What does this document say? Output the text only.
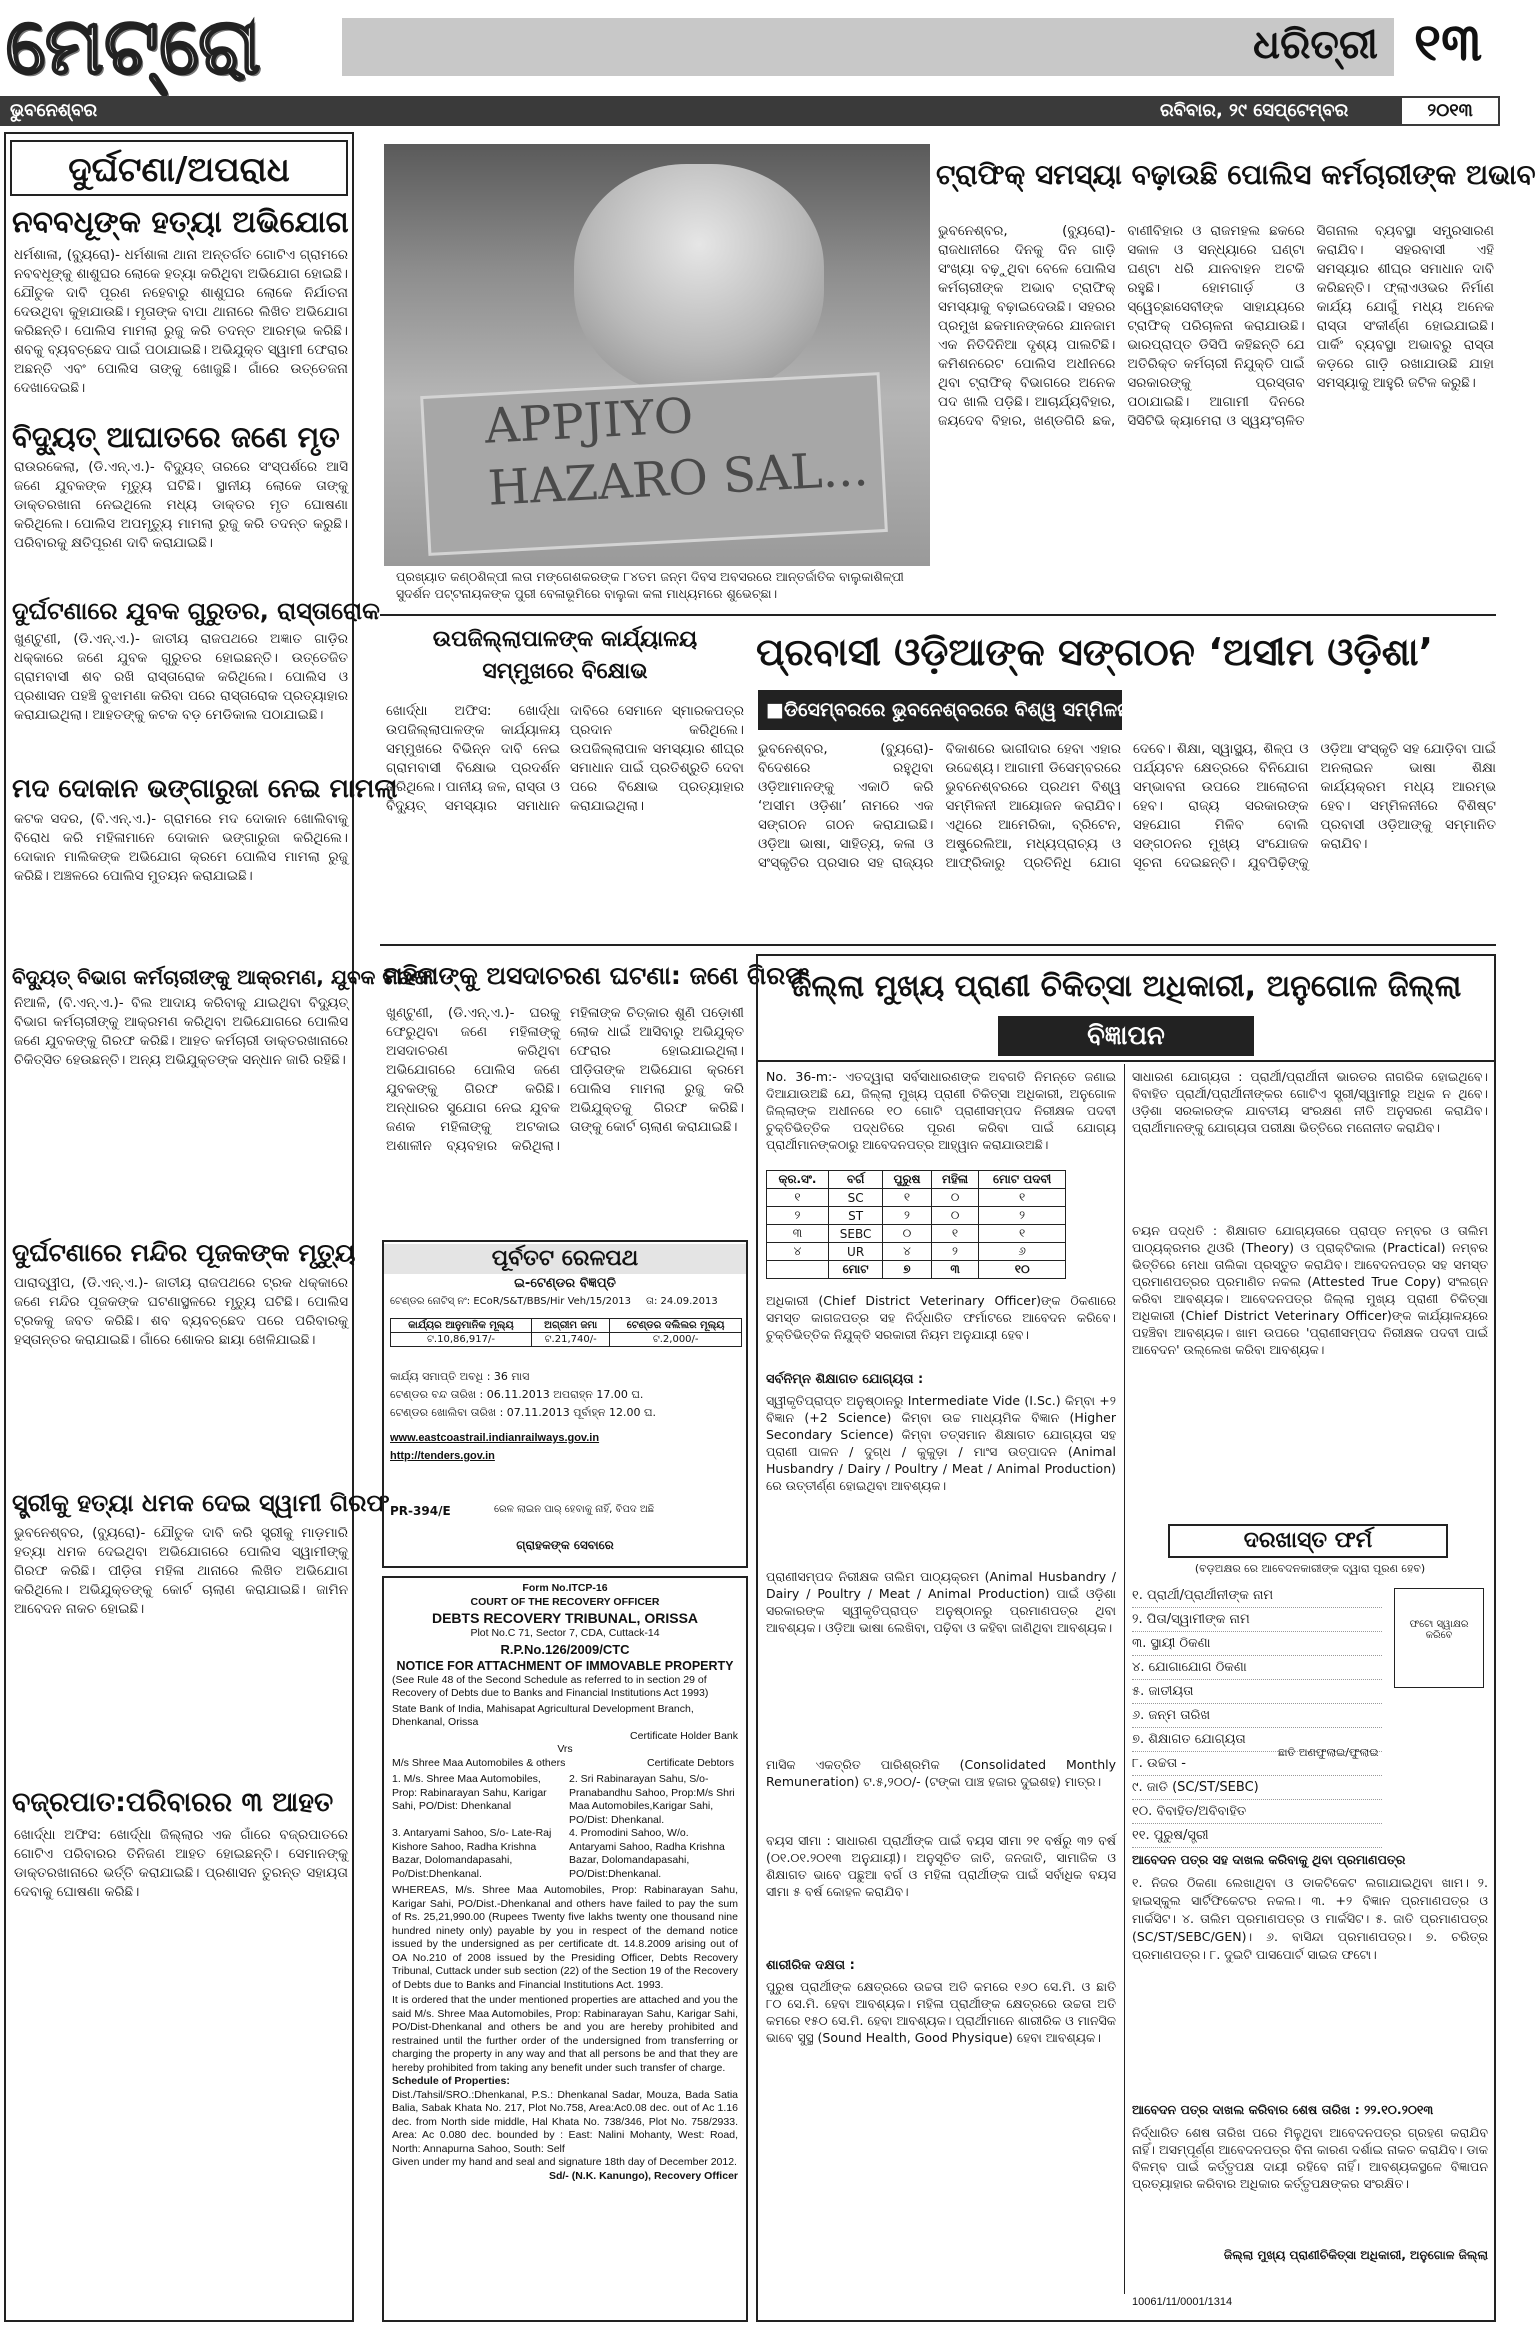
ମେଟ୍ରୋ	ଧରିତ୍ରୀ ୧୩
ଭୁବନେଶ୍ବର	ରବିବାର, ୨୯ ସେପ୍ଟେମ୍ବର	୨୦୧୩
ଦୁର୍ଘଟଣା/ଅପରାଧ
ନବବଧୂଙ୍କ ହତ୍ୟା ଅଭିଯୋଗ
ଧର୍ମଶାଳା, (ବ୍ୟୁରୋ)- ଧର୍ମଶାଳା ଥାନା ଅନ୍ତର୍ଗତ ଗୋଟିଏ ଗ୍ରାମରେ ନବବଧୂଙ୍କୁ ଶାଶୁଘର ଲୋକେ ହତ୍ୟା କରିଥିବା ଅଭିଯୋଗ ହୋଇଛି। ଯୌତୁକ ଦାବି ପୂରଣ ନହେବାରୁ ଶାଶୁଘର ଲୋକେ ନିର୍ଯାତନା ଦେଉଥିବା କୁହାଯାଉଛି। ମୃତାଙ୍କ ବାପା ଥାନାରେ ଲିଖିତ ଅଭିଯୋଗ କରିଛନ୍ତି। ପୋଲିସ ମାମଲା ରୁଜୁ କରି ତଦନ୍ତ ଆରମ୍ଭ କରିଛି। ଶବକୁ ବ୍ୟବଚ୍ଛେଦ ପାଇଁ ପଠାଯାଇଛି। ଅଭିଯୁକ୍ତ ସ୍ୱାମୀ ଫେରାର ଅଛନ୍ତି ଏବଂ ପୋଲିସ ତାଙ୍କୁ ଖୋଜୁଛି। ଗାଁରେ ଉତ୍ତେଜନା ଦେଖାଦେଇଛି।
ବିଦ୍ୟୁତ୍ ଆଘାତରେ ଜଣେ ମୃତ
ରାଉରକେଲା, (ଡି.ଏନ୍.ଏ.)- ବିଦ୍ୟୁତ୍ ତାରରେ ସଂସ୍ପର୍ଶରେ ଆସି ଜଣେ ଯୁବକଙ୍କ ମୃତ୍ୟୁ ଘଟିଛି। ସ୍ଥାନୀୟ ଲୋକେ ତାଙ୍କୁ ଡାକ୍ତରଖାନା ନେଇଥିଲେ ମଧ୍ୟ ଡାକ୍ତର ମୃତ ଘୋଷଣା କରିଥିଲେ। ପୋଲିସ ଅପମୃତ୍ୟୁ ମାମଲା ରୁଜୁ କରି ତଦନ୍ତ କରୁଛି। ପରିବାରକୁ କ୍ଷତିପୂରଣ ଦାବି କରାଯାଇଛି।
ଦୁର୍ଘଟଣାରେ ଯୁବକ ଗୁରୁତର, ରାସ୍ତାରୋକ
ଖୁଣ୍ଟୁଣୀ, (ଡି.ଏନ୍.ଏ.)- ଜାତୀୟ ରାଜପଥରେ ଅଜ୍ଞାତ ଗାଡ଼ିର ଧକ୍କାରେ ଜଣେ ଯୁବକ ଗୁରୁତର ହୋଇଛନ୍ତି। ଉତ୍ତେଜିତ ଗ୍ରାମବାସୀ ଶବ ରଖି ରାସ୍ତାରୋକ କରିଥିଲେ। ପୋଲିସ ଓ ପ୍ରଶାସନ ପହଞ୍ଚି ବୁଝାମଣା କରିବା ପରେ ରାସ୍ତାରୋକ ପ୍ରତ୍ୟାହାର କରାଯାଇଥିଲା। ଆହତଙ୍କୁ କଟକ ବଡ଼ ମେଡିକାଲ ପଠାଯାଇଛି।
ମଦ ଦୋକାନ ଭଙ୍ଗାରୁଜା ନେଇ ମାମଲା
କଟକ ସଦର, (ବି.ଏନ୍.ଏ.)- ଗ୍ରାମରେ ମଦ ଦୋକାନ ଖୋଲିବାକୁ ବିରୋଧ କରି ମହିଳାମାନେ ଦୋକାନ ଭଙ୍ଗାରୁଜା କରିଥିଲେ। ଦୋକାନ ମାଲିକଙ୍କ ଅଭିଯୋଗ କ୍ରମେ ପୋଲିସ ମାମଲା ରୁଜୁ କରିଛି। ଅଞ୍ଚଳରେ ପୋଲିସ ମୁତୟନ କରାଯାଇଛି।
ବିଦ୍ୟୁତ୍ ବିଭାଗ କର୍ମଚାରୀଙ୍କୁ ଆକ୍ରମଣ, ଯୁବକ ଗିରଫ
ନିଆଳି, (ବି.ଏନ୍.ଏ.)- ବିଲ ଆଦାୟ କରିବାକୁ ଯାଇଥିବା ବିଦ୍ୟୁତ୍ ବିଭାଗ କର୍ମଚାରୀଙ୍କୁ ଆକ୍ରମଣ କରିଥିବା ଅଭିଯୋଗରେ ପୋଲିସ ଜଣେ ଯୁବକଙ୍କୁ ଗିରଫ କରିଛି। ଆହତ କର୍ମଚାରୀ ଡାକ୍ତରଖାନାରେ ଚିକିତ୍ସିତ ହେଉଛନ୍ତି। ଅନ୍ୟ ଅଭିଯୁକ୍ତଙ୍କ ସନ୍ଧାନ ଜାରି ରହିଛି।
ଦୁର୍ଘଟଣାରେ ମନ୍ଦିର ପୂଜକଙ୍କ ମୃତ୍ୟୁ
ପାରାଦ୍ୱୀପ, (ଡି.ଏନ୍.ଏ.)- ଜାତୀୟ ରାଜପଥରେ ଟ୍ରକ ଧକ୍କାରେ ଜଣେ ମନ୍ଦିର ପୂଜକଙ୍କ ଘଟଣାସ୍ଥଳରେ ମୃତ୍ୟୁ ଘଟିଛି। ପୋଲିସ ଟ୍ରକକୁ ଜବତ କରିଛି। ଶବ ବ୍ୟବଚ୍ଛେଦ ପରେ ପରିବାରକୁ ହସ୍ତାନ୍ତର କରାଯାଇଛି। ଗାଁରେ ଶୋକର ଛାୟା ଖେଳିଯାଇଛି।
ସ୍ତ୍ରୀକୁ ହତ୍ୟା ଧମକ ଦେଇ ସ୍ୱାମୀ ଗିରଫ
ଭୁବନେଶ୍ବର, (ବ୍ୟୁରୋ)- ଯୌତୁକ ଦାବି କରି ସ୍ତ୍ରୀକୁ ମାଡ଼ମାରି ହତ୍ୟା ଧମକ ଦେଇଥିବା ଅଭିଯୋଗରେ ପୋଲିସ ସ୍ୱାମୀଙ୍କୁ ଗିରଫ କରିଛି। ପୀଡ଼ିତା ମହିଳା ଥାନାରେ ଲିଖିତ ଅଭିଯୋଗ କରିଥିଲେ। ଅଭିଯୁକ୍ତଙ୍କୁ କୋର୍ଟ ଚାଲାଣ କରାଯାଇଛି। ଜାମିନ ଆବେଦନ ନାକଚ ହୋଇଛି।
ବଜ୍ରପାତ:ପରିବାରର ୩ ଆହତ
ଖୋର୍ଦ୍ଧା ଅଫିସ: ଖୋର୍ଦ୍ଧା ଜିଲ୍ଲାର ଏକ ଗାଁରେ ବଜ୍ରପାତରେ ଗୋଟିଏ ପରିବାରର ତିନିଜଣ ଆହତ ହୋଇଛନ୍ତି। ସେମାନଙ୍କୁ ଡାକ୍ତରଖାନାରେ ଭର୍ତ୍ତି କରାଯାଇଛି। ପ୍ରଶାସନ ତୁରନ୍ତ ସହାୟତା ଦେବାକୁ ଘୋଷଣା କରିଛି।
APPJIYO
HAZARO SAL...
ପ୍ରଖ୍ୟାତ କଣ୍ଠଶିଳ୍ପୀ ଲତା ମଙ୍ଗେଶକରଙ୍କ ୮୪ତମ ଜନ୍ମ ଦିବସ ଅବସରରେ ଆନ୍ତର୍ଜାତିକ ବାଲୁକାଶିଳ୍ପୀ ସୁଦର୍ଶନ ପଟ୍ଟନାୟକଙ୍କ ପୁରୀ ବେଳାଭୂମିରେ ବାଲୁକା କଳା ମାଧ୍ୟମରେ ଶୁଭେଚ୍ଛା।
ଟ୍ରାଫିକ୍ ସମସ୍ୟା ବଢ଼ାଉଛି ପୋଲିସ କର୍ମଚାରୀଙ୍କ ଅଭାବ
ଭୁବନେଶ୍ବର, (ବ୍ୟୁରୋ)- ରାଜଧାନୀରେ ଦିନକୁ ଦିନ ଗାଡ଼ି ସଂଖ୍ୟା ବଢ଼ୁଥିବା ବେଳେ ପୋଲିସ କର୍ମଚାରୀଙ୍କ ଅଭାବ ଟ୍ରାଫିକ୍ ସମସ୍ୟାକୁ ବଢ଼ାଇଦେଉଛି। ସହରର ପ୍ରମୁଖ ଛକମାନଙ୍କରେ ଯାନଜାମ ଏକ ନିତିଦିନିଆ ଦୃଶ୍ୟ ପାଲଟିଛି। କମିଶନରେଟ ପୋଲିସ ଅଧୀନରେ ଥିବା ଟ୍ରାଫିକ୍ ବିଭାଗରେ ଅନେକ ପଦ ଖାଲି ପଡ଼ିଛି। ଆଚାର୍ଯ୍ୟବିହାର, ଜୟଦେବ ବିହାର, ଖଣ୍ଡଗିରି ଛକ, ବାଣୀବିହାର ଓ ରାଜମହଲ ଛକରେ ସକାଳ ଓ ସନ୍ଧ୍ୟାରେ ଘଣ୍ଟା ଘଣ୍ଟା ଧରି ଯାନବାହନ ଅଟକି ରହୁଛି। ହୋମଗାର୍ଡ଼ ଓ ସ୍ୱେଚ୍ଛାସେବୀଙ୍କ ସାହାଯ୍ୟରେ ଟ୍ରାଫିକ୍ ପରିଚାଳନା କରାଯାଉଛି। ଭାରପ୍ରାପ୍ତ ଡିସିପି କହିଛନ୍ତି ଯେ ଅତିରିକ୍ତ କର୍ମଚାରୀ ନିଯୁକ୍ତି ପାଇଁ ସରକାରଙ୍କୁ ପ୍ରସ୍ତାବ ପଠାଯାଇଛି। ଆଗାମୀ ଦିନରେ ସିସିଟିଭି କ୍ୟାମେରା ଓ ସ୍ୱୟଂଚାଳିତ ସିଗନାଲ ବ୍ୟବସ୍ଥା ସମ୍ପ୍ରସାରଣ କରାଯିବ। ସହରବାସୀ ଏହି ସମସ୍ୟାର ଶୀଘ୍ର ସମାଧାନ ଦାବି କରିଛନ୍ତି। ଫ୍ଲାଏଓଭର ନିର୍ମାଣ କାର୍ଯ୍ୟ ଯୋଗୁଁ ମଧ୍ୟ ଅନେକ ରାସ୍ତା ସଂକୀର୍ଣ୍ଣ ହୋଇଯାଇଛି। ପାର୍କିଂ ବ୍ୟବସ୍ଥା ଅଭାବରୁ ରାସ୍ତା କଡ଼ରେ ଗାଡ଼ି ରଖାଯାଉଛି ଯାହା ସମସ୍ୟାକୁ ଆହୁରି ଜଟିଳ କରୁଛି।
ଉପଜିଲ୍ଲାପାଳଙ୍କ କାର୍ଯ୍ୟାଳୟ
ସମ୍ମୁଖରେ ବିକ୍ଷୋଭ
ଖୋର୍ଦ୍ଧା ଅଫିସ: ଖୋର୍ଦ୍ଧା ଉପଜିଲ୍ଲାପାଳଙ୍କ କାର୍ଯ୍ୟାଳୟ ସମ୍ମୁଖରେ ବିଭିନ୍ନ ଦାବି ନେଇ ଗ୍ରାମବାସୀ ବିକ୍ଷୋଭ ପ୍ରଦର୍ଶନ କରିଥିଲେ। ପାନୀୟ ଜଳ, ରାସ୍ତା ଓ ବିଦ୍ୟୁତ୍ ସମସ୍ୟାର ସମାଧାନ ଦାବିରେ ସେମାନେ ସ୍ମାରକପତ୍ର ପ୍ରଦାନ କରିଥିଲେ। ଉପଜିଲ୍ଲାପାଳ ସମସ୍ୟାର ଶୀଘ୍ର ସମାଧାନ ପାଇଁ ପ୍ରତିଶ୍ରୁତି ଦେବା ପରେ ବିକ୍ଷୋଭ ପ୍ରତ୍ୟାହାର କରାଯାଇଥିଲା।
ପ୍ରବାସୀ ଓଡ଼ିଆଙ୍କ ସଙ୍ଗଠନ ‘ଅସୀମ ଓଡ଼ିଶା’
■ଡିସେମ୍ବରରେ ଭୁବନେଶ୍ବରରେ ବିଶ୍ୱ ସମ୍ମିଳନୀ
ଭୁବନେଶ୍ବର, (ବ୍ୟୁରୋ)- ବିଦେଶରେ ରହୁଥିବା ଓଡ଼ିଆମାନଙ୍କୁ ଏକାଠି କରି ‘ଅସୀମ ଓଡ଼ିଶା’ ନାମରେ ଏକ ସଙ୍ଗଠନ ଗଠନ କରାଯାଇଛି। ଓଡ଼ିଆ ଭାଷା, ସାହିତ୍ୟ, କଳା ଓ ସଂସ୍କୃତିର ପ୍ରସାର ସହ ରାଜ୍ୟର ବିକାଶରେ ଭାଗୀଦାର ହେବା ଏହାର ଉଦ୍ଦେଶ୍ୟ। ଆଗାମୀ ଡିସେମ୍ବରରେ ଭୁବନେଶ୍ବରରେ ପ୍ରଥମ ବିଶ୍ୱ ସମ୍ମିଳନୀ ଆୟୋଜନ କରାଯିବ। ଏଥିରେ ଆମେରିକା, ବ୍ରିଟେନ, ଅଷ୍ଟ୍ରେଲିଆ, ମଧ୍ୟପ୍ରାଚ୍ୟ ଓ ଆଫ୍ରିକାରୁ ପ୍ରତିନିଧି ଯୋଗ ଦେବେ। ଶିକ୍ଷା, ସ୍ୱାସ୍ଥ୍ୟ, ଶିଳ୍ପ ଓ ପର୍ଯ୍ୟଟନ କ୍ଷେତ୍ରରେ ବିନିଯୋଗ ସମ୍ଭାବନା ଉପରେ ଆଲୋଚନା ହେବ। ରାଜ୍ୟ ସରକାରଙ୍କ ସହଯୋଗ ମିଳିବ ବୋଲି ସଙ୍ଗଠନର ମୁଖ୍ୟ ସଂଯୋଜକ ସୂଚନା ଦେଇଛନ୍ତି। ଯୁବପିଢ଼ିଙ୍କୁ ଓଡ଼ିଆ ସଂସ୍କୃତି ସହ ଯୋଡ଼ିବା ପାଇଁ ଅନଲାଇନ ଭାଷା ଶିକ୍ଷା କାର୍ଯ୍ୟକ୍ରମ ମଧ୍ୟ ଆରମ୍ଭ ହେବ। ସମ୍ମିଳନୀରେ ବିଶିଷ୍ଟ ପ୍ରବାସୀ ଓଡ଼ିଆଙ୍କୁ ସମ୍ମାନିତ କରାଯିବ।
ମହିଳାଙ୍କୁ ଅସଦାଚରଣ ଘଟଣା: ଜଣେ ଗିରଫ
ଖୁଣ୍ଟୁଣୀ, (ଡି.ଏନ୍.ଏ.)- ଘରକୁ ଫେରୁଥିବା ଜଣେ ମହିଳାଙ୍କୁ ଅସଦାଚରଣ କରିଥିବା ଅଭିଯୋଗରେ ପୋଲିସ ଜଣେ ଯୁବକଙ୍କୁ ଗିରଫ କରିଛି। ଅନ୍ଧାରର ସୁଯୋଗ ନେଇ ଯୁବକ ଜଣକ ମହିଳାଙ୍କୁ ଅଟକାଇ ଅଶାଳୀନ ବ୍ୟବହାର କରିଥିଲା। ମହିଳାଙ୍କ ଚିତ୍କାର ଶୁଣି ପଡ଼ୋଶୀ ଲୋକ ଧାଇଁ ଆସିବାରୁ ଅଭିଯୁକ୍ତ ଫେରାର ହୋଇଯାଇଥିଲା। ପୀଡ଼ିତାଙ୍କ ଅଭିଯୋଗ କ୍ରମେ ପୋଲିସ ମାମଲା ରୁଜୁ କରି ଅଭିଯୁକ୍ତକୁ ଗିରଫ କରିଛି। ତାଙ୍କୁ କୋର୍ଟ ଚାଲାଣ କରାଯାଇଛି।
ପୂର୍ବତଟ ରେଳପଥ
ଇ-ଟେଣ୍ଡର ବିଜ୍ଞପ୍ତି
ଟେଣ୍ଡର ନୋଟିସ୍ ନଂ: ECoR/S&T/BBS/Hir Veh/15/2013	ତା: 24.09.2013
କାର୍ଯ୍ୟର ଆନୁମାନିକ ମୂଲ୍ୟ	ଅଗ୍ରୀମ ଜମା	ଟେଣ୍ଡର ଦଲିଲର ମୂଲ୍ୟ
ଟ.10,86,917/-	ଟ.21,740/-	ଟ.2,000/-
କାର୍ଯ୍ୟ ସମାପ୍ତି ଅବଧି : 36 ମାସ
ଟେଣ୍ଡର ବନ୍ଦ ତାରିଖ : 06.11.2013 ଅପରାହ୍ନ 17.00 ଘ.
ଟେଣ୍ଡର ଖୋଲିବା ତାରିଖ : 07.11.2013 ପୂର୍ବାହ୍ନ 12.00 ଘ.
www.eastcoastrail.indianrailways.gov.in
http://tenders.gov.in
PR-394/E	ରେଳ ଲାଇନ ପାର୍ ହେବାକୁ ନାହିଁ, ବିପଦ ଅଛି
ଗ୍ରାହକଙ୍କ ସେବାରେ
Form No.ITCP-16
COURT OF THE RECOVERY OFFICER
DEBTS RECOVERY TRIBUNAL, ORISSA
Plot No.C 71, Sector 7, CDA, Cuttack-14
R.P.No.126/2009/CTC
NOTICE FOR ATTACHMENT OF IMMOVABLE PROPERTY
(See Rule 48 of the Second Schedule as referred to in section 29 of Recovery of Debts due to Banks and Financial Institutions Act 1993)
State Bank of India, Mahisapat Agricultural Development Branch, Dhenkanal, Orissa
Certificate Holder Bank
Vrs
M/s Shree Maa Automobiles & others	Certificate Debtors
1. M/s. Shree Maa Automobiles, Prop: Rabinarayan Sahu, Karigar Sahi, PO/Dist: Dhenkanal
2. Sri Rabinarayan Sahu, S/o- Pranabandhu Sahoo, Prop:M/s Shri Maa Automobiles,Karigar Sahi, PO/Dist: Dhenkanal.
3. Antaryami Sahoo, S/o- Late-Raj Kishore Sahoo, Radha Krishna Bazar, Dolomandapasahi, Po/Dist:Dhenkanal.
4. Promodini Sahoo, W/o. Antaryami Sahoo, Radha Krishna Bazar, Dolomandapasahi, PO/Dist:Dhenkanal.
WHEREAS, M/s. Shree Maa Automobiles, Prop: Rabinarayan Sahu, Karigar Sahi, PO/Dist.-Dhenkanal and others have failed to pay the sum of Rs. 25,21,990.00 (Rupees Twenty five lakhs twenty one thousand nine hundred ninety only) payable by you in respect of the demand notice issued by the undersigned as per certificate dt. 14.8.2009 arising out of OA No.210 of 2008 issued by the Presiding Officer, Debts Recovery Tribunal, Cuttack under sub section (22) of the Section 19 of the Recovery of Debts due to Banks and Financial Institutions Act. 1993.
It is ordered that the under mentioned properties are attached and you the said M/s. Shree Maa Automobiles, Prop: Rabinarayan Sahu, Karigar Sahi, PO/Dist-Dhenkanal and others be and you are hereby prohibited and restrained until the further order of the undersigned from transferring or charging the property in any way and that all persons be and that they are hereby prohibited from taking any benefit under such transfer of charge.
Schedule of Properties:
Dist./Tahsil/SRO.:Dhenkanal, P.S.: Dhenkanal Sadar, Mouza, Bada Satia Balia, Sabak Khata No. 217, Plot No.758, Area:Ac0.08 dec. out of Ac 1.16 dec. from North side middle, Hal Khata No. 738/346, Plot No. 758/2933. Area: Ac 0.080 dec. bounded by : East: Nalini Mohanty, West: Road, North: Annapurna Sahoo, South: Self
Given under my hand and seal and signature 18th day of December 2012.
Sd/- (N.K. Kanungo), Recovery Officer
ଜିଲ୍ଲା ମୁଖ୍ୟ ପ୍ରାଣୀ ଚିକିତ୍ସା ଅଧିକାରୀ, ଅନୁଗୋଳ ଜିଲ୍ଲା
ବିଜ୍ଞାପନ
No. 36-m:- ଏତଦ୍ୱାରା ସର୍ବସାଧାରଣଙ୍କ ଅବଗତି ନିମନ୍ତେ ଜଣାଇ ଦିଆଯାଉଅଛି ଯେ, ଜିଲ୍ଲା ମୁଖ୍ୟ ପ୍ରାଣୀ ଚିକିତ୍ସା ଅଧିକାରୀ, ଅନୁଗୋଳ ଜିଲ୍ଲାଙ୍କ ଅଧୀନରେ ୧୦ ଗୋଟି ପ୍ରାଣୀସମ୍ପଦ ନିରୀକ୍ଷକ ପଦବୀ ଚୁକ୍ତିଭିତ୍ତିକ ପଦ୍ଧତିରେ ପୂରଣ କରିବା ପାଇଁ ଯୋଗ୍ୟ ପ୍ରାର୍ଥୀମାନଙ୍କଠାରୁ ଆବେଦନପତ୍ର ଆହ୍ୱାନ କରାଯାଉଅଛି।
କ୍ର.ସଂ.	ବର୍ଗ	ପୁରୁଷ	ମହିଳା	ମୋଟ ପଦବୀ
୧	SC	୧	୦	୧
୨	ST	୨	୦	୨
୩	SEBC	୦	୧	୧
୪	UR	୪	୨	୬
	ମୋଟ	୭	୩	୧୦
ଅଧିକାରୀ (Chief District Veterinary Officer)ଙ୍କ ଠିକଣାରେ ସମସ୍ତ କାଗଜପତ୍ର ସହ ନିର୍ଦ୍ଧାରିତ ଫର୍ମାଟରେ ଆବେଦନ କରିବେ। ଚୁକ୍ତିଭିତ୍ତିକ ନିଯୁକ୍ତି ସରକାରୀ ନିୟମ ଅନୁଯାୟୀ ହେବ।
ସର୍ବନିମ୍ନ ଶିକ୍ଷାଗତ ଯୋଗ୍ୟତା :
ସ୍ୱୀକୃତିପ୍ରାପ୍ତ ଅନୁଷ୍ଠାନରୁ Intermediate Vide (I.Sc.) କିମ୍ବା +୨ ବିଜ୍ଞାନ (+2 Science) କିମ୍ବା ଉଚ୍ଚ ମାଧ୍ୟମିକ ବିଜ୍ଞାନ (Higher Secondary Science) କିମ୍ବା ତତ୍ସମାନ ଶିକ୍ଷାଗତ ଯୋଗ୍ୟତା ସହ ପ୍ରାଣୀ ପାଳନ / ଦୁଗ୍ଧ / କୁକୁଡ଼ା / ମାଂସ ଉତ୍ପାଦନ (Animal Husbandry / Dairy / Poultry / Meat / Animal Production) ରେ ଉତ୍ତୀର୍ଣ୍ଣ ହୋଇଥିବା ଆବଶ୍ୟକ।
ପ୍ରାଣୀସମ୍ପଦ ନିରୀକ୍ଷକ ତାଲିମ ପାଠ୍ୟକ୍ରମ (Animal Husbandry / Dairy / Poultry / Meat / Animal Production) ପାଇଁ ଓଡ଼ିଶା ସରକାରଙ୍କ ସ୍ୱୀକୃତିପ୍ରାପ୍ତ ଅନୁଷ୍ଠାନରୁ ପ୍ରମାଣପତ୍ର ଥିବା ଆବଶ୍ୟକ। ଓଡ଼ିଆ ଭାଷା ଲେଖିବା, ପଢ଼ିବା ଓ କହିବା ଜାଣିଥିବା ଆବଶ୍ୟକ।
ମାସିକ ଏକତ୍ରିତ ପାରିଶ୍ରମିକ (Consolidated Monthly Remuneration) ଟ.୫,୨୦୦/- (ଟଙ୍କା ପାଞ୍ଚ ହଜାର ଦୁଇଶହ) ମାତ୍ର।
ବୟସ ସୀମା : ସାଧାରଣ ପ୍ରାର୍ଥୀଙ୍କ ପାଇଁ ବୟସ ସୀମା ୨୧ ବର୍ଷରୁ ୩୨ ବର୍ଷ (୦୧.୦୧.୨୦୧୩ ଅନୁଯାୟୀ)। ଅନୁସୂଚିତ ଜାତି, ଜନଜାତି, ସାମାଜିକ ଓ ଶିକ୍ଷାଗତ ଭାବେ ପଛୁଆ ବର୍ଗ ଓ ମହିଳା ପ୍ରାର୍ଥୀଙ୍କ ପାଇଁ ସର୍ବାଧିକ ବୟସ ସୀମା ୫ ବର୍ଷ କୋହଳ କରାଯିବ।
ଶାରୀରିକ ଦକ୍ଷତା :
ପୁରୁଷ ପ୍ରାର୍ଥୀଙ୍କ କ୍ଷେତ୍ରରେ ଉଚ୍ଚତା ଅତି କମରେ ୧୬୦ ସେ.ମି. ଓ ଛାତି ୮୦ ସେ.ମି. ହେବା ଆବଶ୍ୟକ। ମହିଳା ପ୍ରାର୍ଥୀଙ୍କ କ୍ଷେତ୍ରରେ ଉଚ୍ଚତା ଅତି କମରେ ୧୫୦ ସେ.ମି. ହେବା ଆବଶ୍ୟକ। ପ୍ରାର୍ଥୀମାନେ ଶାରୀରିକ ଓ ମାନସିକ ଭାବେ ସୁସ୍ଥ (Sound Health, Good Physique) ହେବା ଆବଶ୍ୟକ।
ସାଧାରଣ ଯୋଗ୍ୟତା : ପ୍ରାର୍ଥୀ/ପ୍ରାର୍ଥୀନୀ ଭାରତର ନାଗରିକ ହୋଇଥିବେ। ବିବାହିତ ପ୍ରାର୍ଥୀ/ପ୍ରାର୍ଥୀନୀଙ୍କର ଗୋଟିଏ ସ୍ତ୍ରୀ/ସ୍ୱାମୀରୁ ଅଧିକ ନ ଥିବେ। ଓଡ଼ିଶା ସରକାରଙ୍କ ଯାବତୀୟ ସଂରକ୍ଷଣ ନୀତି ଅନୁସରଣ କରାଯିବ। ପ୍ରାର୍ଥୀମାନଙ୍କୁ ଯୋଗ୍ୟତା ପରୀକ୍ଷା ଭିତ୍ତିରେ ମନୋନୀତ କରାଯିବ।
ଚୟନ ପଦ୍ଧତି : ଶିକ୍ଷାଗତ ଯୋଗ୍ୟତାରେ ପ୍ରାପ୍ତ ନମ୍ବର ଓ ତାଲିମ ପାଠ୍ୟକ୍ରମର ଥିଓରି (Theory) ଓ ପ୍ରାକ୍ଟିକାଲ (Practical) ନମ୍ବର ଭିତ୍ତିରେ ମେଧା ତାଲିକା ପ୍ରସ୍ତୁତ କରାଯିବ। ଆବେଦନପତ୍ର ସହ ସମସ୍ତ ପ୍ରମାଣପତ୍ରର ପ୍ରମାଣିତ ନକଲ (Attested True Copy) ସଂଲଗ୍ନ କରିବା ଆବଶ୍ୟକ। ଆବେଦନପତ୍ର ଜିଲ୍ଲା ମୁଖ୍ୟ ପ୍ରାଣୀ ଚିକିତ୍ସା ଅଧିକାରୀ (Chief District Veterinary Officer)ଙ୍କ କାର୍ଯ୍ୟାଳୟରେ ପହଞ୍ଚିବା ଆବଶ୍ୟକ। ଖାମ ଉପରେ 'ପ୍ରାଣୀସମ୍ପଦ ନିରୀକ୍ଷକ ପଦବୀ ପାଇଁ ଆବେଦନ' ଉଲ୍ଲେଖ କରିବା ଆବଶ୍ୟକ।
ଦରଖାସ୍ତ ଫର୍ମ
(ବଡ଼ଅକ୍ଷର ରେ ଆବେଦନକାରୀଙ୍କ ଦ୍ୱାରା ପୂରଣ ହେବ)
୧. ପ୍ରାର୍ଥୀ/ପ୍ରାର୍ଥୀନୀଙ୍କ ନାମ
୨. ପିତା/ସ୍ୱାମୀଙ୍କ ନାମ
୩. ସ୍ଥାୟୀ ଠିକଣା
୪. ଯୋଗାଯୋଗ ଠିକଣା
୫. ଜାତୀୟତା
୬. ଜନ୍ମ ତାରିଖ
୭. ଶିକ୍ଷାଗତ ଯୋଗ୍ୟତା
୮. ଉଚ୍ଚତା -
୯. ଜାତି (SC/ST/SEBC)
୧୦. ବିବାହିତ/ଅବିବାହିତ
୧୧. ପୁରୁଷ/ସ୍ତ୍ରୀ
ଫଟୋ ସ୍ୱାକ୍ଷର କରିବେ
ଛାତି ଅଣଫୁଲାଇ/ଫୁଲାଇ
ଆବେଦନ ପତ୍ର ସହ ଦାଖଲ କରିବାକୁ ଥିବା ପ୍ରମାଣପତ୍ର
୧. ନିଜର ଠିକଣା ଲେଖାଥିବା ଓ ଡାକଟିକେଟ ଲଗାଯାଇଥିବା ଖାମ। ୨. ହାଇସ୍କୁଲ ସାର୍ଟିଫିକେଟର ନକଲ। ୩. +୨ ବିଜ୍ଞାନ ପ୍ରମାଣପତ୍ର ଓ ମାର୍କସିଟ। ୪. ତାଲିମ ପ୍ରମାଣପତ୍ର ଓ ମାର୍କସିଟ। ୫. ଜାତି ପ୍ରମାଣପତ୍ର (SC/ST/SEBC/GEN)। ୬. ବାସିନ୍ଦା ପ୍ରମାଣପତ୍ର। ୭. ଚରିତ୍ର ପ୍ରମାଣପତ୍ର। ୮. ଦୁଇଟି ପାସପୋର୍ଟ ସାଇଜ ଫଟୋ।
ଆବେଦନ ପତ୍ର ଦାଖଲ କରିବାର ଶେଷ ତାରିଖ : ୨୨.୧୦.୨୦୧୩
ନିର୍ଦ୍ଧାରିତ ଶେଷ ତାରିଖ ପରେ ମିଳୁଥିବା ଆବେଦନପତ୍ର ଗ୍ରହଣ କରାଯିବ ନାହିଁ। ଅସମ୍ପୂର୍ଣ୍ଣ ଆବେଦନପତ୍ର ବିନା କାରଣ ଦର୍ଶାଇ ନାକଚ କରାଯିବ। ଡାକ ବିଳମ୍ବ ପାଇଁ କର୍ତ୍ତୃପକ୍ଷ ଦାୟୀ ରହିବେ ନାହିଁ। ଆବଶ୍ୟକସ୍ଥଳେ ବିଜ୍ଞାପନ ପ୍ରତ୍ୟାହାର କରିବାର ଅଧିକାର କର୍ତ୍ତୃପକ୍ଷଙ୍କର ସଂରକ୍ଷିତ।
ଜିଲ୍ଲା ମୁଖ୍ୟ ପ୍ରାଣୀଚିକିତ୍ସା ଅଧିକାରୀ, ଅନୁଗୋଳ ଜିଲ୍ଲା
10061/11/0001/1314
